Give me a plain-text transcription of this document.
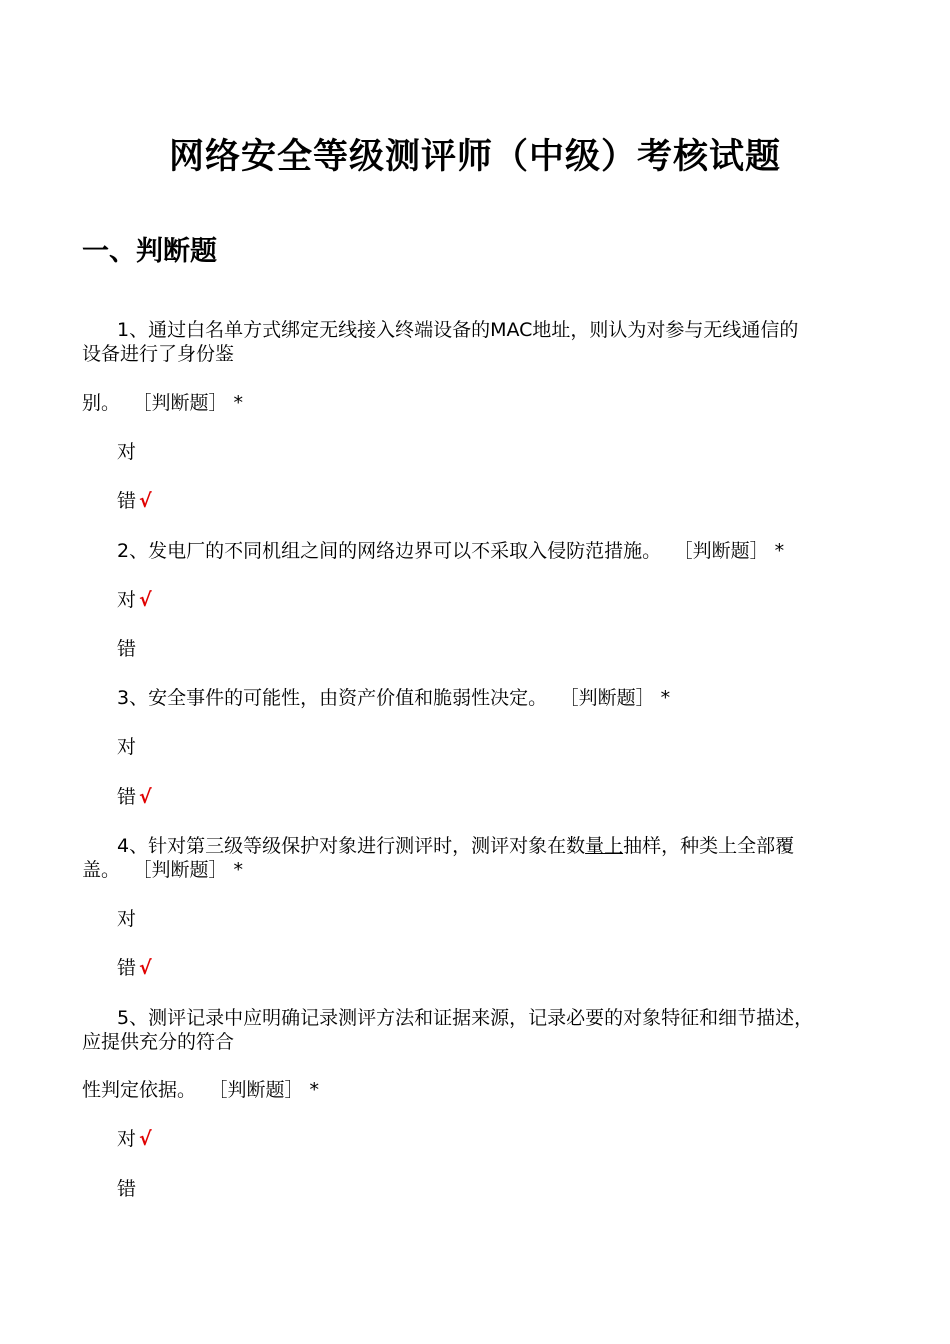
网络安全等级测评师（中级）考核试题
一、判断题
1、通过白名单方式绑定无线接入终端设备的MAC地址，则认为对参与无线通信的
设备进行了身份鉴
别。 ［判断题］ *
对
错 √
2、发电厂的不同机组之间的网络边界可以不采取入侵防范措施。 ［判断题］ *
对 √
错
3、安全事件的可能性，由资产价值和脆弱性决定。 ［判断题］ *
对
错 √
4、针对第三级等级保护对象进行测评时，测评对象在数量上抽样，种类上全部覆
盖。 ［判断题］ *
对
错 √
5、测评记录中应明确记录测评方法和证据来源，记录必要的对象特征和细节描述，
应提供充分的符合
性判定依据。 ［判断题］ *
对 √
错
